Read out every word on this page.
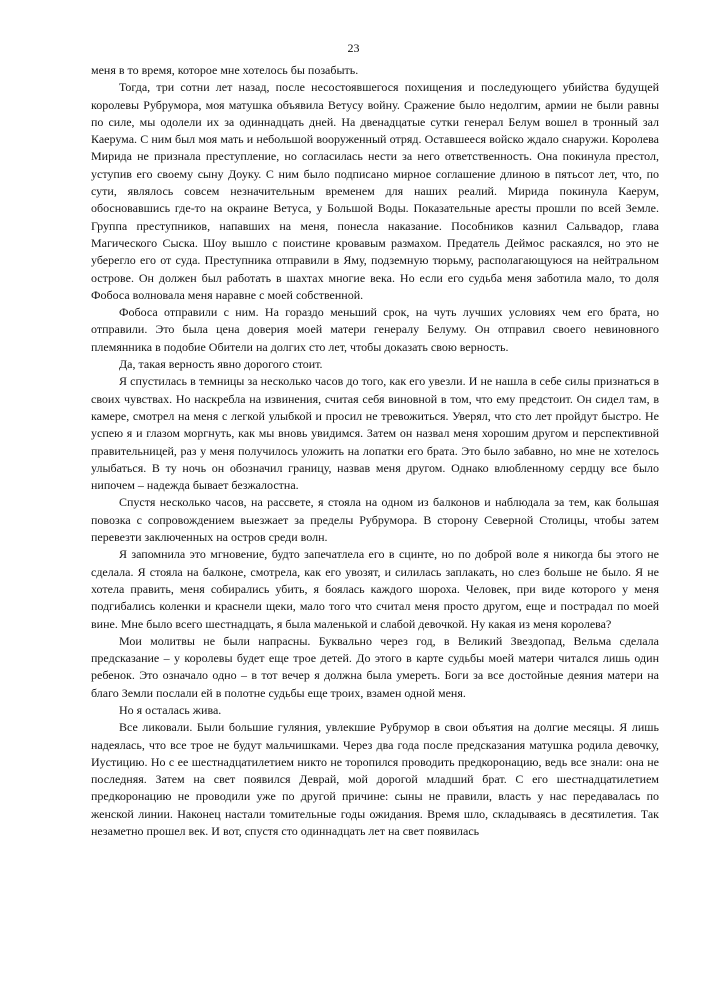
23

меня в то время, которое мне хотелось бы позабыть.

Тогда, три сотни лет назад, после несостоявшегося похищения и последующего убийства будущей королевы Рубрумора, моя матушка объявила Ветусу войну. Сражение было недолгим, армии не были равны по силе, мы одолели их за одиннадцать дней. На двенадцатые сутки генерал Белум вошел в тронный зал Каерума. С ним был моя мать и небольшой вооруженный отряд. Оставшееся войско ждало снаружи. Королева Мирида не признала преступление, но согласилась нести за него ответственность. Она покинула престол, уступив его своему сыну Доуку. С ним было подписано мирное соглашение длиною в пятьсот лет, что, по сути, являлось совсем незначительным временем для наших реалий. Мирида покинула Каерум, обосновавшись где-то на окраине Ветуса, у Большой Воды. Показательные аресты прошли по всей Земле. Группа преступников, напавших на меня, понесла наказание. Пособников казнил Сальвадор, глава Магического Сыска. Шоу вышло с поистине кровавым размахом. Предатель Деймос раскаялся, но это не уберегло его от суда. Преступника отправили в Яму, подземную тюрьму, располагающуюся на нейтральном острове. Он должен был работать в шахтах многие века. Но если его судьба меня заботила мало, то доля Фобоса волновала меня наравне с моей собственной.

Фобоса отправили с ним. На гораздо меньший срок, на чуть лучших условиях чем его брата, но отправили. Это была цена доверия моей матери генералу Белуму. Он отправил своего невиновного племянника в подобие Обители на долгих сто лет, чтобы доказать свою верность.

Да, такая верность явно дорогого стоит.

Я спустилась в темницы за несколько часов до того, как его увезли. И не нашла в себе силы признаться в своих чувствах. Но наскребла на извинения, считая себя виновной в том, что ему предстоит. Он сидел там, в камере, смотрел на меня с легкой улыбкой и просил не тревожиться. Уверял, что сто лет пройдут быстро. Не успею я и глазом моргнуть, как мы вновь увидимся. Затем он назвал меня хорошим другом и перспективной правительницей, раз у меня получилось уложить на лопатки его брата. Это было забавно, но мне не хотелось улыбаться. В ту ночь он обозначил границу, назвав меня другом. Однако влюбленному сердцу все было нипочем – надежда бывает безжалостна.

Спустя несколько часов, на рассвете, я стояла на одном из балконов и наблюдала за тем, как большая повозка с сопровождением выезжает за пределы Рубрумора. В сторону Северной Столицы, чтобы затем перевезти заключенных на остров среди волн.

Я запомнила это мгновение, будто запечатлела его в сцинте, но по доброй воле я никогда бы этого не сделала. Я стояла на балконе, смотрела, как его увозят, и силилась заплакать, но слез больше не было. Я не хотела править, меня собирались убить, я боялась каждого шороха. Человек, при виде которого у меня подгибались коленки и краснели щеки, мало того что считал меня просто другом, еще и пострадал по моей вине. Мне было всего шестнадцать, я была маленькой и слабой девочкой. Ну какая из меня королева?

Мои молитвы не были напрасны. Буквально через год, в Великий Звездопад, Вельма сделала предсказание – у королевы будет еще трое детей. До этого в карте судьбы моей матери читался лишь один ребенок. Это означало одно – в тот вечер я должна была умереть. Боги за все достойные деяния матери на благо Земли послали ей в полотне судьбы еще троих, взамен одной меня.

Но я осталась жива.

Все ликовали. Были большие гуляния, увлекшие Рубрумор в свои объятия на долгие месяцы. Я лишь надеялась, что все трое не будут мальчишками. Через два года после предсказания матушка родила девочку, Иустицию. Но с ее шестнадцатилетием никто не торопился проводить предкоронацию, ведь все знали: она не последняя. Затем на свет появился Деврай, мой дорогой младший брат. С его шестнадцатилетием предкоронацию не проводили уже по другой причине: сыны не правили, власть у нас передавалась по женской линии. Наконец настали томительные годы ожидания. Время шло, складываясь в десятилетия. Так незаметно прошел век. И вот, спустя сто одиннадцать лет на свет появилась
